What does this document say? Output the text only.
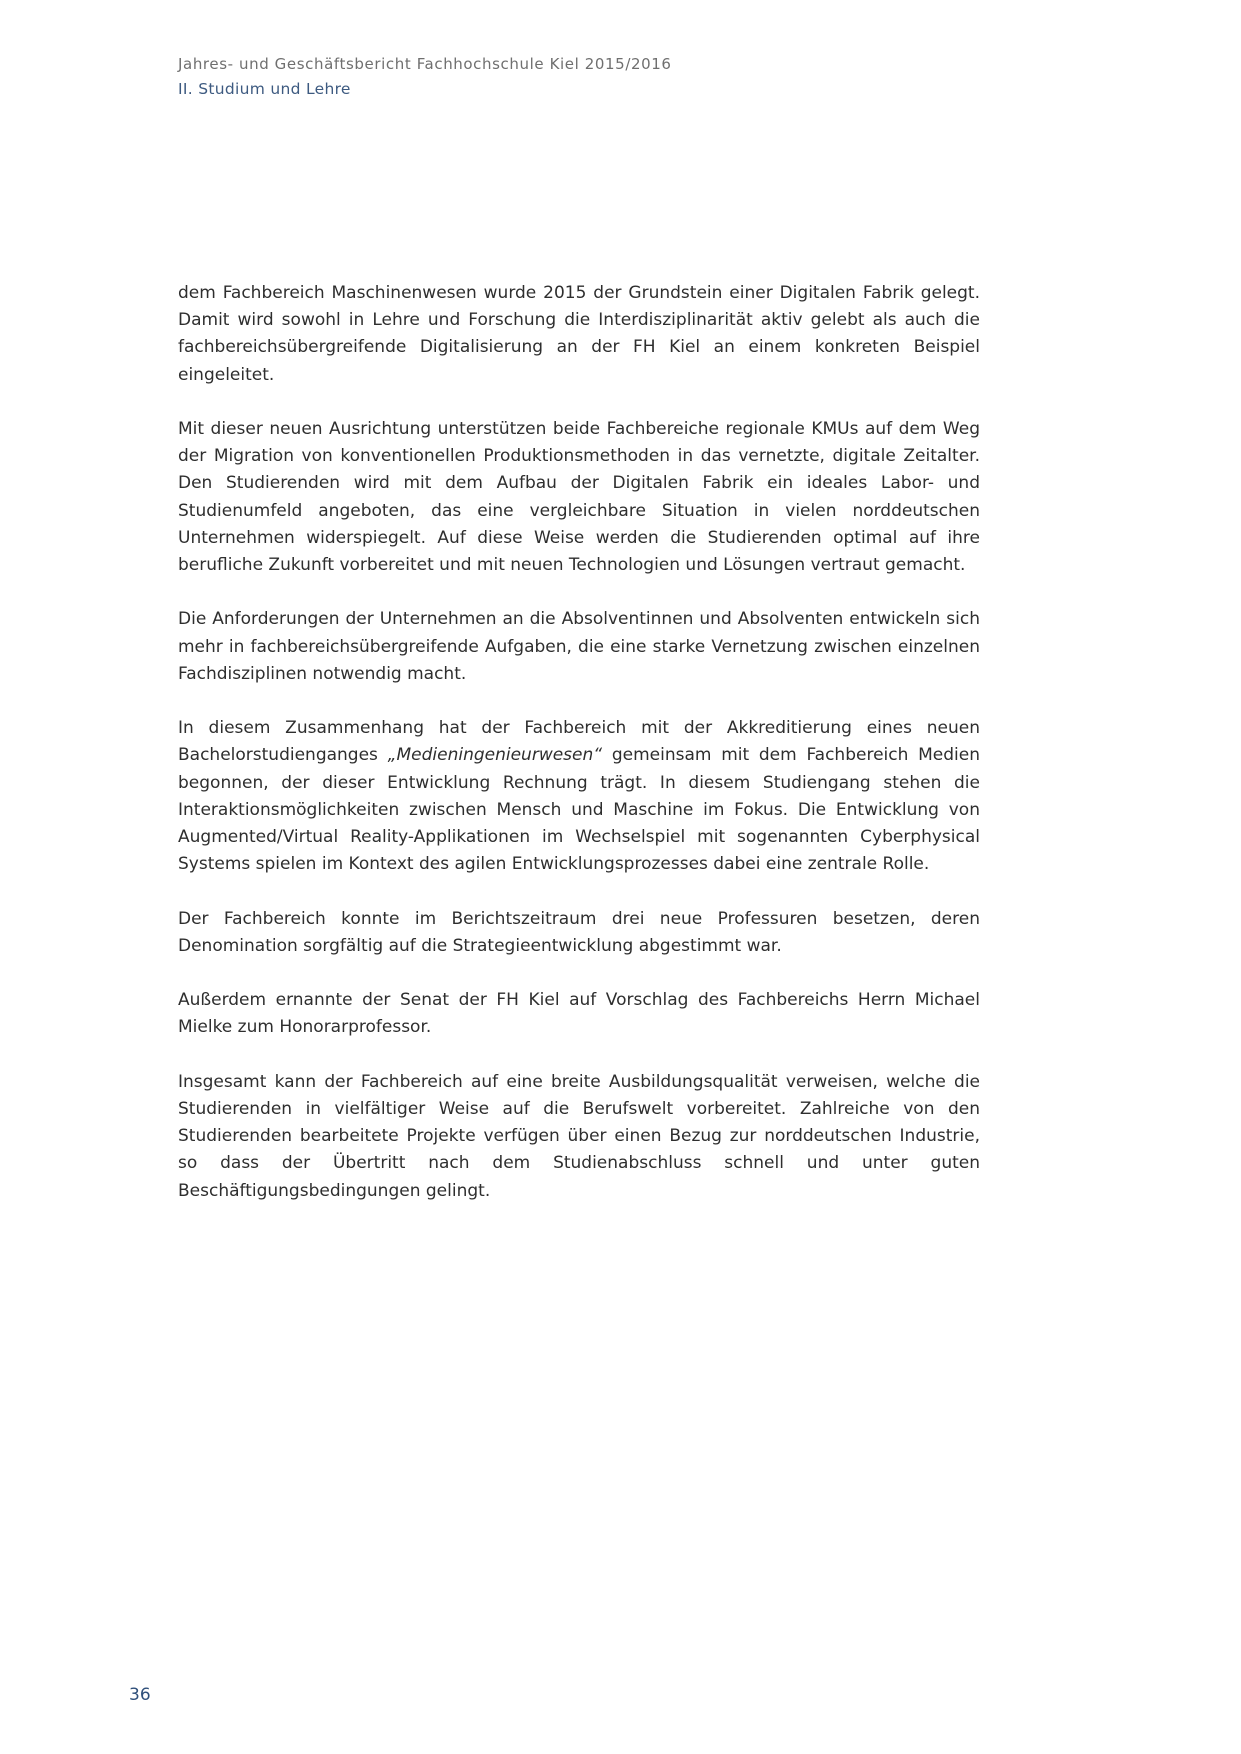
Jahres- und Geschäftsbericht Fachhochschule Kiel 2015/2016
II. Studium und Lehre

dem Fachbereich Maschinenwesen wurde 2015 der Grundstein einer Digitalen Fabrik gelegt. Damit wird sowohl in Lehre und Forschung die Interdisziplinarität aktiv gelebt als auch die fachbereichsübergreifende Digitalisierung an der FH Kiel an einem konkreten Beispiel eingeleitet.

Mit dieser neuen Ausrichtung unterstützen beide Fachbereiche regionale KMUs auf dem Weg der Migration von konventionellen Produktionsmethoden in das vernetzte, digitale Zeitalter. Den Studierenden wird mit dem Aufbau der Digitalen Fabrik ein ideales Labor- und Studienumfeld angeboten, das eine vergleichbare Situation in vielen norddeutschen Unternehmen widerspiegelt. Auf diese Weise werden die Studierenden optimal auf ihre berufliche Zukunft vorbereitet und mit neuen Technologien und Lösungen vertraut gemacht.

Die Anforderungen der Unternehmen an die Absolventinnen und Absolventen entwickeln sich mehr in fachbereichsübergreifende Aufgaben, die eine starke Vernetzung zwischen einzelnen Fachdisziplinen notwendig macht.

In diesem Zusammenhang hat der Fachbereich mit der Akkreditierung eines neuen Bachelorstudienganges „Medieningenieurwesen“ gemeinsam mit dem Fachbereich Medien begonnen, der dieser Entwicklung Rechnung trägt. In diesem Studiengang stehen die Interaktionsmöglichkeiten zwischen Mensch und Maschine im Fokus. Die Entwicklung von Augmented/Virtual Reality-Applikationen im Wechselspiel mit sogenannten Cyberphysical Systems spielen im Kontext des agilen Entwicklungsprozesses dabei eine zentrale Rolle.

Der Fachbereich konnte im Berichtszeitraum drei neue Professuren besetzen, deren Denomination sorgfältig auf die Strategieentwicklung abgestimmt war.

Außerdem ernannte der Senat der FH Kiel auf Vorschlag des Fachbereichs Herrn Michael Mielke zum Honorarprofessor.

Insgesamt kann der Fachbereich auf eine breite Ausbildungsqualität verweisen, welche die Studierenden in vielfältiger Weise auf die Berufswelt vorbereitet. Zahlreiche von den Studierenden bearbeitete Projekte verfügen über einen Bezug zur norddeutschen Industrie, so dass der Übertritt nach dem Studienabschluss schnell und unter guten Beschäftigungsbedingungen gelingt.

36
